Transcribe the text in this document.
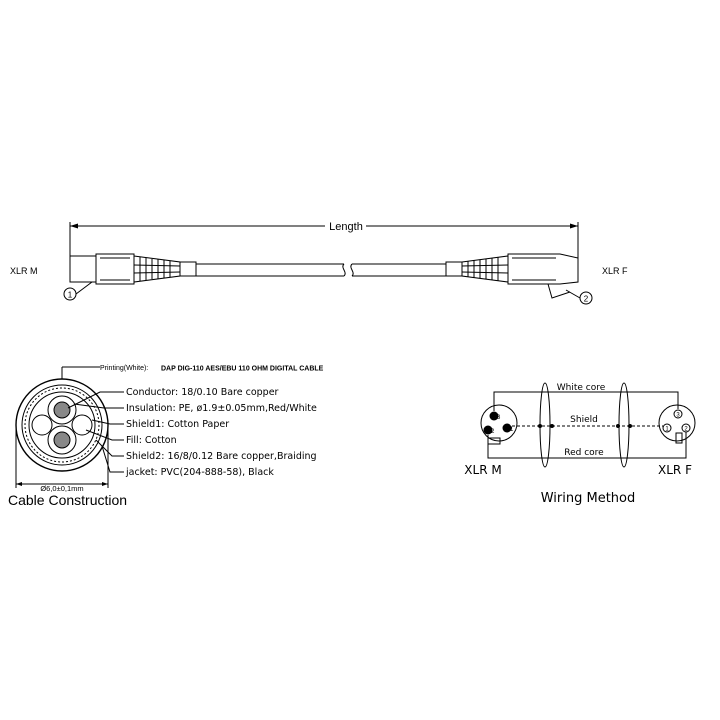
Length
1	2
XLR M	XLR F
Printing(White): DAP DIG-110 AES/EBU 110 OHM DIGITAL CABLE
Conductor: 18/0.10 Bare copper
Insulation: PE, ø1.9±0.05mm,Red/White
Shield1: Cotton Paper
Fill: Cotton
Shield2: 16/8/0.12 Bare copper,Braiding
jacket: PVC(204-888-58), Black
Ø6,0±0,1mm
Cable Construction
3
2	1
3
1	2
White core
Shield
Red core
XLR M	XLR F
Wiring Method
